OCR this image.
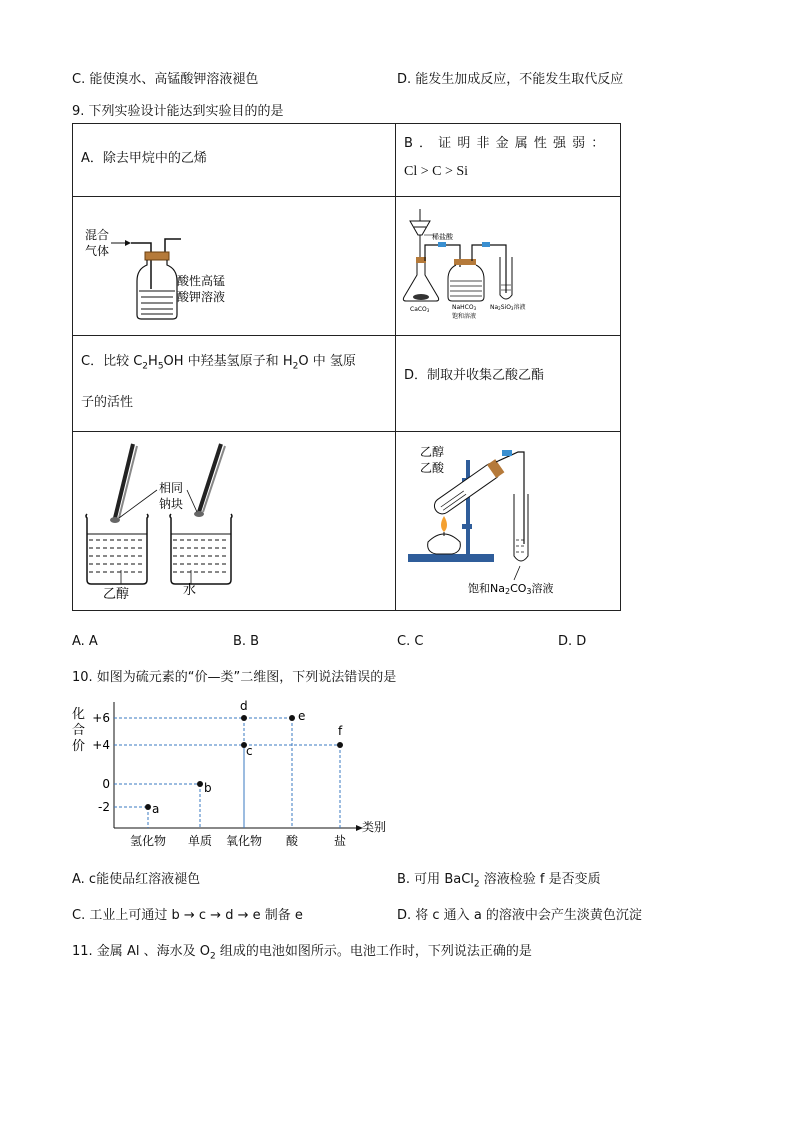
C. 能使溴水、高锰酸钾溶液褪色	D. 能发生加成反应，不能发生取代反应
9. 下列实验设计能达到实验目的的是
A．除去甲烷中的乙烯	B ． 证 明 非 金 属 性 强 弱 ：
Cl > C > Si

混合
气体
酸性高锰
酸钾溶液	稀盐酸
CaCO3 NaHCO3
饱和溶液
Na2SiO3溶液

C．比较 $C_2H_5OH$ 中羟基氢原子和 $H_2O$ 中 氢原
子的活性	D．制取并收集乙酸乙酯

相同
钠块
乙醇 水	乙醇
乙酸
饱和Na2CO3溶液
A. A	B. B	C. C	D. D
10. 如图为硫元素的“价—类”二维图，下列说法错误的是
类别
+6
+4
0
-2
氢化物 单质 氧化物 酸	盐
a
b
c
d
e
f
化
合
价
A. c能使品红溶液褪色	B. 可用 BaCl$_2$ 溶液检验 f 是否变质
C. 工业上可通过 b → c → d → e 制备 e	D. 将 c 通入 a 的溶液中会产生淡黄色沉淀
11. 金属 Al 、海水及 $O_2$ 组成的电池如图所示。电池工作时，下列说法正确的是
